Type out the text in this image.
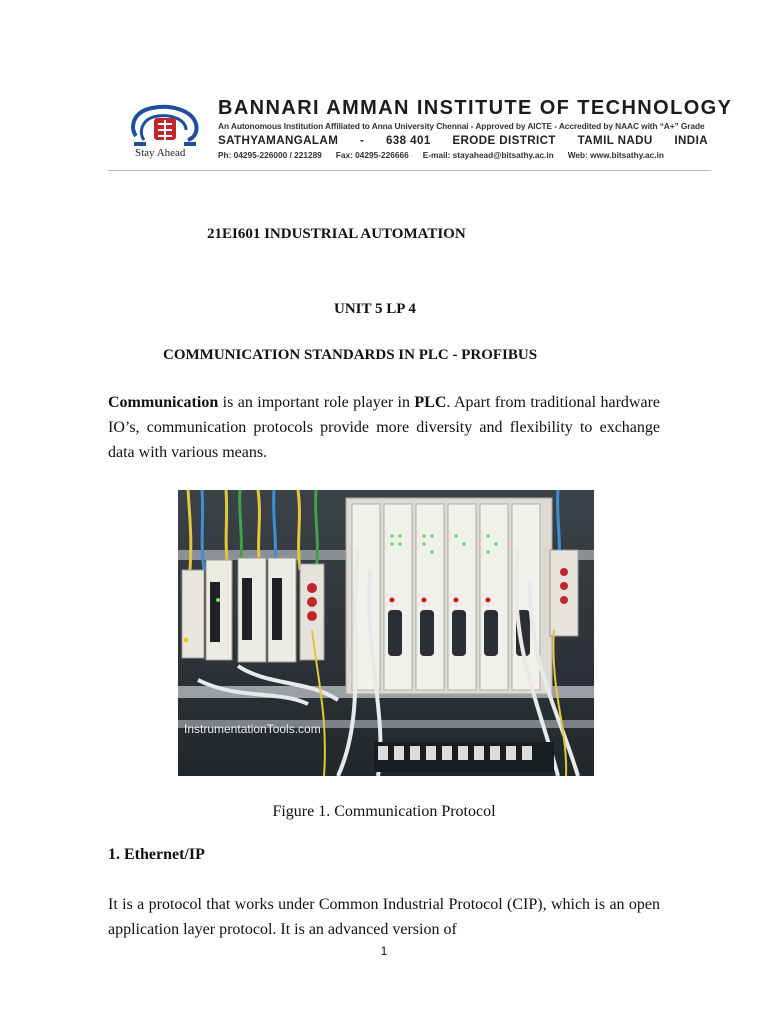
Stay Ahead
BANNARI AMMAN INSTITUTE OF TECHNOLOGY
An Autonomous Institution Affiliated to Anna University Chennai - Approved by AICTE - Accredited by NAAC with “A+” Grade
SATHYAMANGALAM - 638 401 ERODE DISTRICT TAMIL NADU INDIA
Ph: 04295-226000 / 221289 Fax: 04295-226666 E-mail: stayahead@bitsathy.ac.in Web: www.bitsathy.ac.in
21EI601 INDUSTRIAL AUTOMATION
UNIT 5 LP 4
COMMUNICATION STANDARDS IN PLC - PROFIBUS

Communication is an important role player in PLC. Apart from traditional hardware IO’s, communication protocols provide more diversity and flexibility to exchange data with various means.

InstrumentationTools.com
Figure 1. Communication Protocol
1. Ethernet/IP

It is a protocol that works under Common Industrial Protocol (CIP), which is an open application layer protocol. It is an advanced version of

1
